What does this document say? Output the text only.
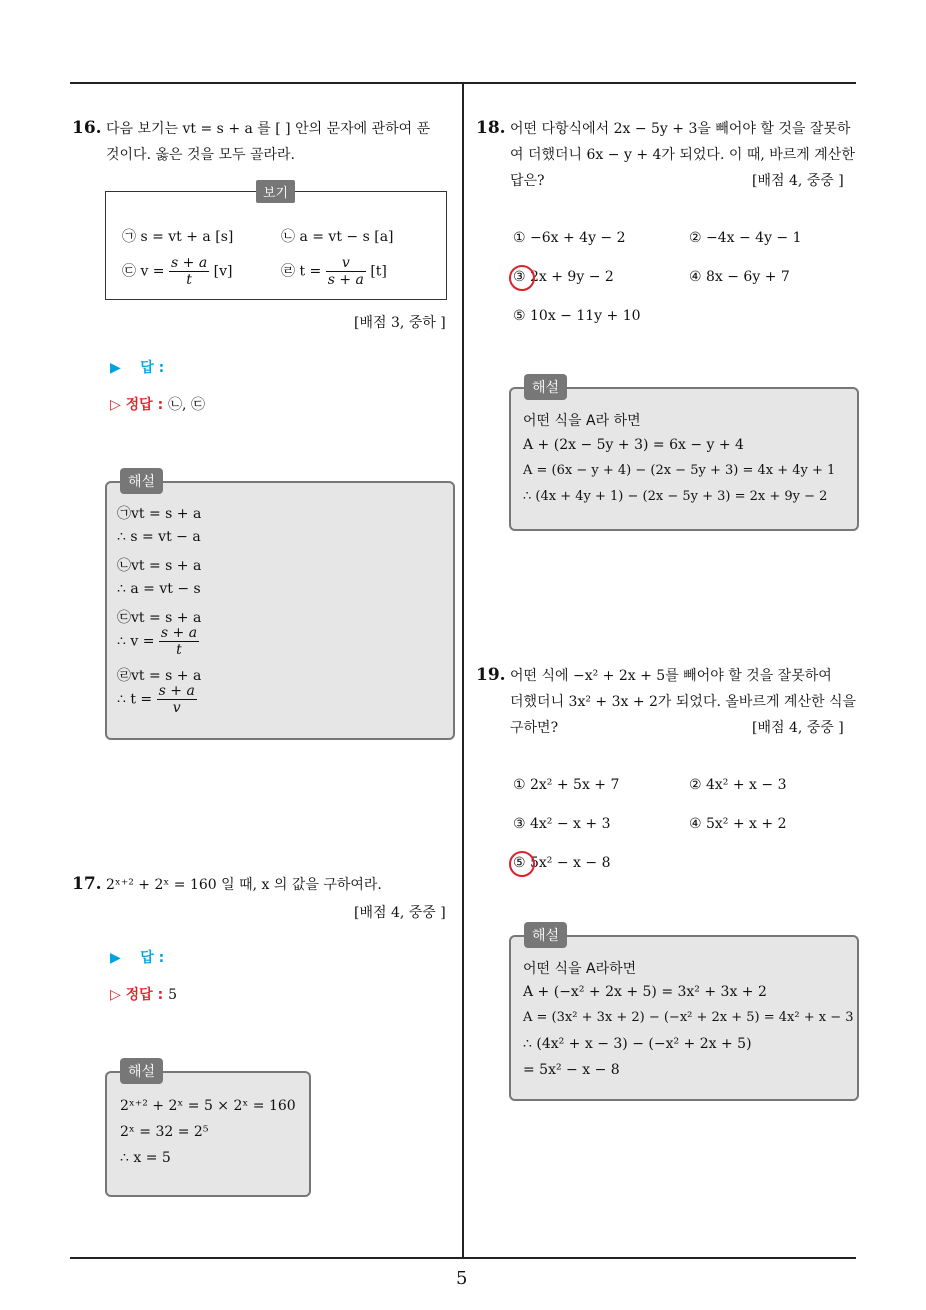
5
16. 다음 보기는 vt = s + a 를 [ ] 안의 문자에 관하여 푼
것이다. 옳은 것을 모두 골라라.
보기
㉠ s = vt + a [s]	㉡ a = vt − s [a]
㉢ $v = \frac{s + a}{t} [v]$	㉣ $t = \frac{v}{s + a} [t]$
[배점 3, 중하 ]
▶ 답 :
▷ 정답 : ㉡, ㉢
해설
㉠vt = s + a
∴ s = vt − a
㉡vt = s + a
∴ a = vt − s
㉢vt = s + a
∴ $v = \frac{s + a}{t}$
㉣vt = s + a
∴ $t = \frac{s + a}{v}$
17. 2ˣ⁺² + 2ˣ = 160 일 때, x 의 값을 구하여라.
[배점 4, 중중 ]
▶ 답 :
▷ 정답 : 5
해설
2ˣ⁺² + 2ˣ = 5 × 2ˣ = 160
2ˣ = 32 = 2⁵
∴ x = 5
18. 어떤 다항식에서 2x − 5y + 3을 빼어야 할 것을 잘못하
여 더했더니 6x − y + 4가 되었다. 이 때, 바르게 계산한
답은?	[배점 4, 중중 ]
① −6x + 4y − 2	② −4x − 4y − 1
③ 2x + 9y − 2	④ 8x − 6y + 7
⑤ 10x − 11y + 10
해설
어떤 식을 A라 하면
A + (2x − 5y + 3) = 6x − y + 4
A = (6x − y + 4) − (2x − 5y + 3) = 4x + 4y + 1
∴ (4x + 4y + 1) − (2x − 5y + 3) = 2x + 9y − 2
19. 어떤 식에 −x² + 2x + 5를 빼어야 할 것을 잘못하여
더했더니 3x² + 3x + 2가 되었다. 올바르게 계산한 식을
구하면?	[배점 4, 중중 ]
① 2x² + 5x + 7	② 4x² + x − 3
③ 4x² − x + 3	④ 5x² + x + 2
⑤ 5x² − x − 8
해설
어떤 식을 A라하면
A + (−x² + 2x + 5) = 3x² + 3x + 2
A = (3x² + 3x + 2) − (−x² + 2x + 5) = 4x² + x − 3
∴ (4x² + x − 3) − (−x² + 2x + 5)
= 5x² − x − 8
